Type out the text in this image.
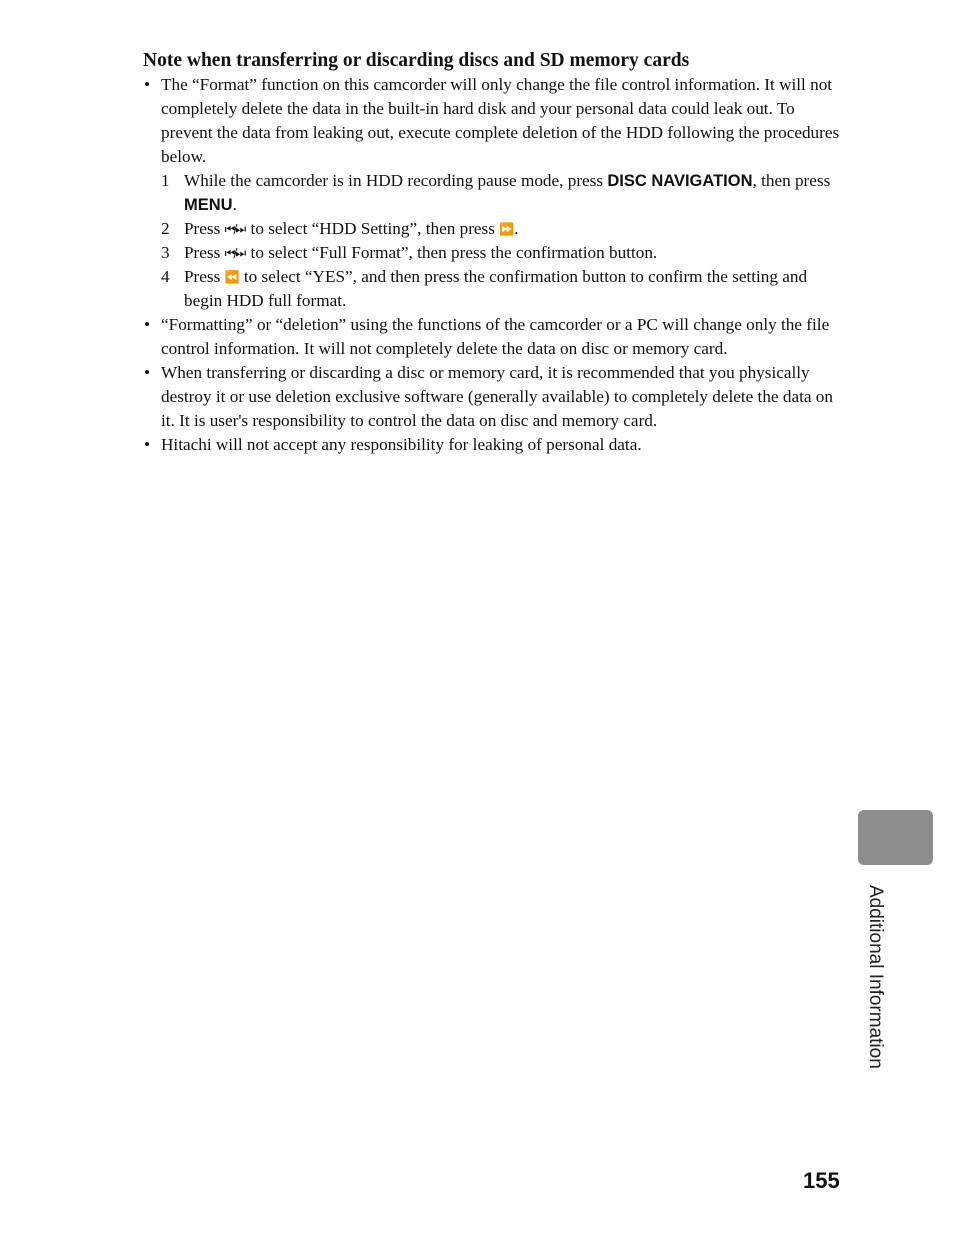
Note when transferring or discarding discs and SD memory cards
• The “Format” function on this camcorder will only change the file control information. It will not completely delete the data in the built-in hard disk and your personal data could leak out. To prevent the data from leaking out, execute complete deletion of the HDD following the procedures below.
1 While the camcorder is in HDD recording pause mode, press DISC NAVIGATION, then press MENU.
2 Press ⏮/⏭ to select “HDD Setting”, then press ⏩ .
3 Press ⏮/⏭ to select “Full Format”, then press the confirmation button.
4 Press ⏪ to select “YES”, and then press the confirmation button to confirm the setting and begin HDD full format.
• “Formatting” or “deletion” using the functions of the camcorder or a PC will change only the file control information. It will not completely delete the data on disc or memory card.
• When transferring or discarding a disc or memory card, it is recommended that you physically destroy it or use deletion exclusive software (generally available) to completely delete the data on it. It is user's responsibility to control the data on disc and memory card.
• Hitachi will not accept any responsibility for leaking of personal data.
Additional Information
155
